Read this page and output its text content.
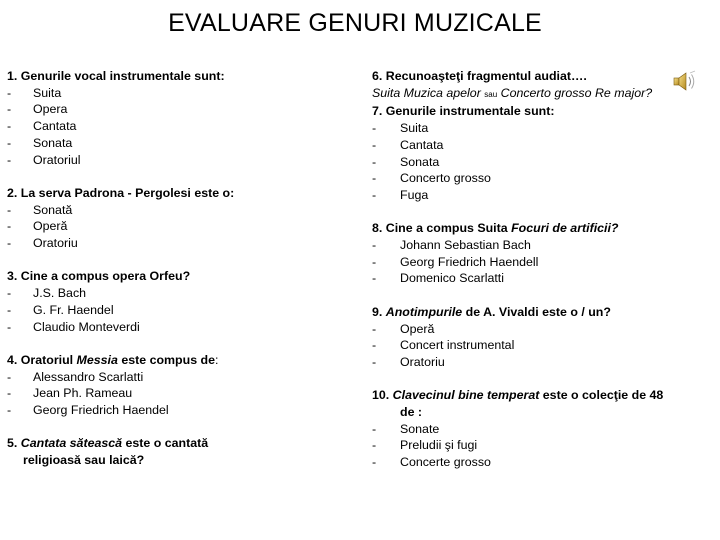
EVALUARE GENURI MUZICALE

1. Genurile vocal instrumentale sunt:

-	Suita
-	Opera
-	Cantata
-	Sonata
-	Oratoriul

2. La serva Padrona - Pergolesi este o:

-	Sonată
-	Operă
-	Oratoriu

3. Cine a compus opera Orfeu?

-	J.S. Bach
-	G. Fr. Haendel
-	Claudio Monteverdi

4. Oratoriul Messia este compus de:

-	Alessandro Scarlatti
-	Jean Ph. Rameau
-	Georg Friedrich Haendel

5. Cantata sătească este o cantată

religioasă sau laică?

6. Recunoaşteţi fragmentul audiat….

Suita Muzica apelor sau Concerto grosso Re major?

7. Genurile instrumentale sunt:

-	Suita
-	Cantata
-	Sonata
-	Concerto grosso
-	Fuga

8. Cine a compus Suita Focuri de artificii?

-	Johann Sebastian Bach
-	Georg Friedrich Haendell
-	Domenico Scarlatti

9. Anotimpurile de A. Vivaldi este o / un?

-	Operă
-	Concert instrumental
-	Oratoriu

10. Clavecinul bine temperat este o colecţie de 48

de :

-	Sonate
-	Preludii şi fugi
-	Concerte grosso
